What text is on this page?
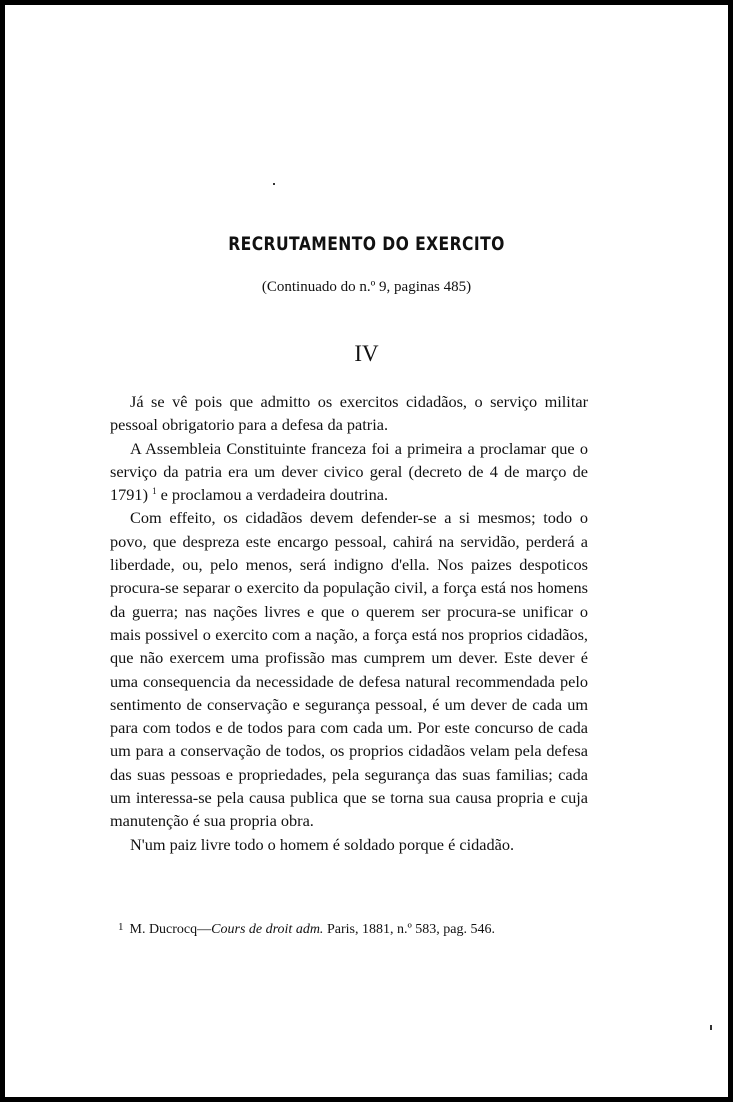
RECRUTAMENTO DO EXERCITO
(Continuado do n.º 9, paginas 485)
IV

Já se vê pois que admitto os exercitos cidadãos, o serviço militar pessoal obrigatorio para a defesa da patria.

A Assembleia Constituinte franceza foi a primeira a proclamar que o serviço da patria era um dever civico geral (decreto de 4 de março de 1791) $^1$ e proclamou a verdadeira doutrina.

Com effeito, os cidadãos devem defender-se a si mesmos; todo o povo, que despreza este encargo pessoal, cahirá na servidão, perderá a liberdade, ou, pelo menos, será indigno d'ella. Nos paizes despoticos procura-se separar o exercito da população civil, a força está nos homens da guerra; nas nações livres e que o querem ser procura-se unificar o mais possivel o exercito com a nação, a força está nos proprios cidadãos, que não exercem uma profissão mas cumprem um dever. Este dever é uma consequencia da necessidade de defesa natural recommendada pelo sentimento de conservação e segurança pessoal, é um dever de cada um para com todos e de todos para com cada um. Por este concurso de cada um para a conservação de todos, os proprios cidadãos velam pela defesa das suas pessoas e propriedades, pela segurança das suas familias; cada um interessa-se pela causa publica que se torna sua causa propria e cuja manutenção é sua propria obra.

N'um paiz livre todo o homem é soldado porque é cidadão.

$^1$ M. Ducrocq—Cours de droit adm. Paris, 1881, n.º 583, pag. 546.
